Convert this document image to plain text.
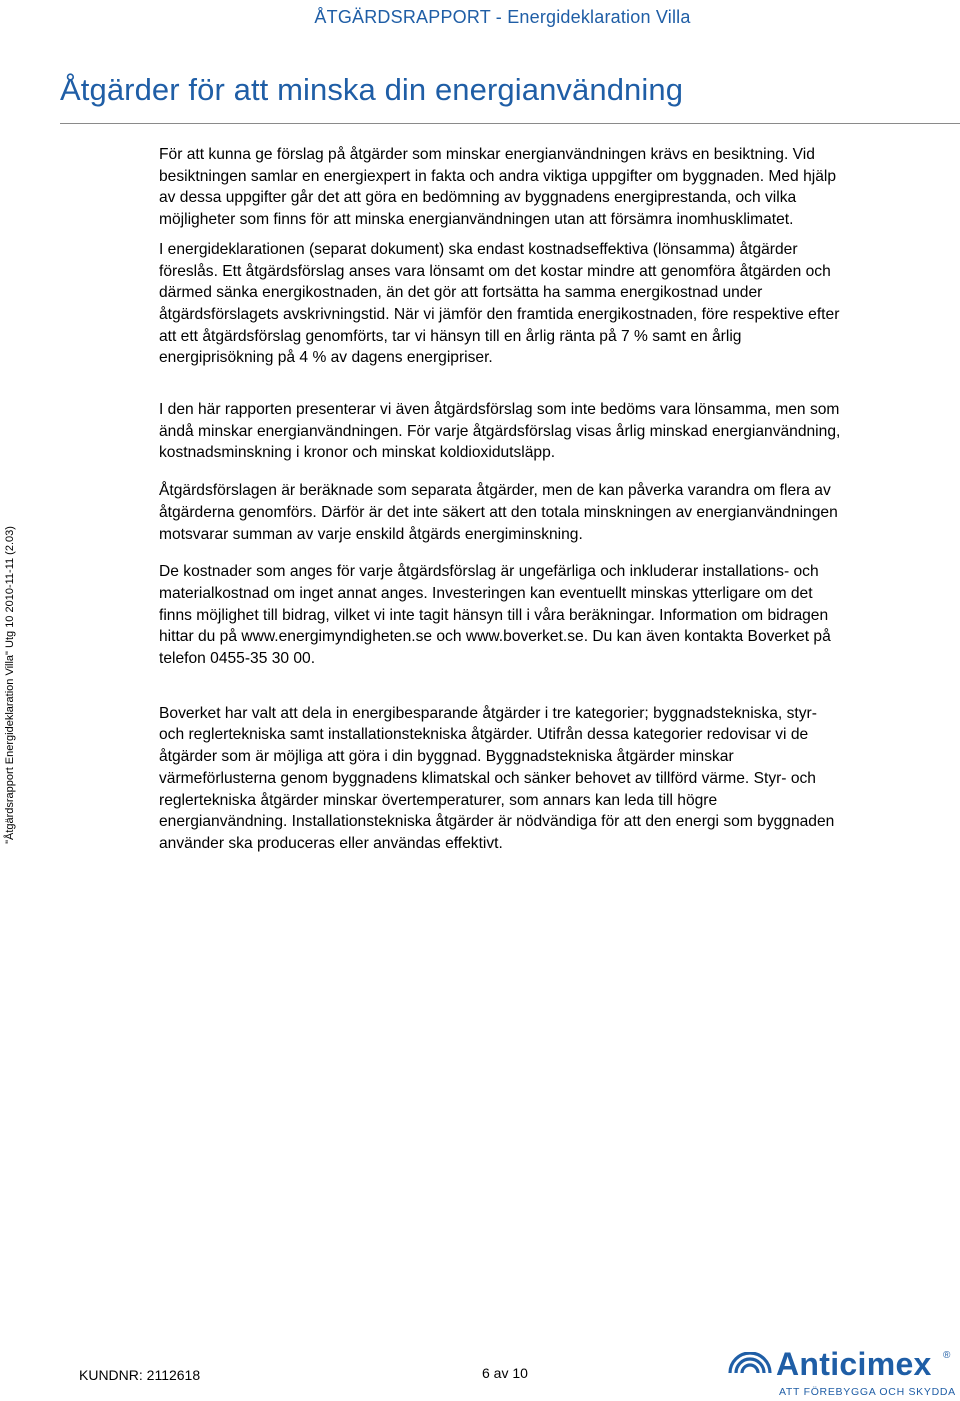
ÅTGÄRDSRAPPORT - Energideklaration Villa
Åtgärder för att minska din energianvändning
"Åtgärdsrapport Energideklaration Villa" Utg 10 2010-11-11 (2.03)

För att kunna ge förslag på åtgärder som minskar energianvändningen krävs en besiktning. Vid
besiktningen samlar en energiexpert in fakta och andra viktiga uppgifter om byggnaden. Med hjälp
av dessa uppgifter går det att göra en bedömning av byggnadens energiprestanda, och vilka
möjligheter som finns för att minska energianvändningen utan att försämra inomhusklimatet.

I energideklarationen (separat dokument) ska endast kostnadseffektiva (lönsamma) åtgärder
föreslås. Ett åtgärdsförslag anses vara lönsamt om det kostar mindre att genomföra åtgärden och
därmed sänka energikostnaden, än det gör att fortsätta ha samma energikostnad under
åtgärdsförslagets avskrivningstid. När vi jämför den framtida energikostnaden, före respektive efter
att ett åtgärdsförslag genomförts, tar vi hänsyn till en årlig ränta på 7 % samt en årlig
energiprisökning på 4 % av dagens energipriser.

I den här rapporten presenterar vi även åtgärdsförslag som inte bedöms vara lönsamma, men som
ändå minskar energianvändningen. För varje åtgärdsförslag visas årlig minskad energianvändning,
kostnadsminskning i kronor och minskat koldioxidutsläpp.

Åtgärdsförslagen är beräknade som separata åtgärder, men de kan påverka varandra om flera av
åtgärderna genomförs. Därför är det inte säkert att den totala minskningen av energianvändningen
motsvarar summan av varje enskild åtgärds energiminskning.

De kostnader som anges för varje åtgärdsförslag är ungefärliga och inkluderar installations- och
materialkostnad om inget annat anges. Investeringen kan eventuellt minskas ytterligare om det
finns möjlighet till bidrag, vilket vi inte tagit hänsyn till i våra beräkningar. Information om bidragen
hittar du på www.energimyndigheten.se och www.boverket.se. Du kan även kontakta Boverket på
telefon 0455-35 30 00.

Boverket har valt att dela in energibesparande åtgärder i tre kategorier; byggnadstekniska, styr-
och reglertekniska samt installationstekniska åtgärder. Utifrån dessa kategorier redovisar vi de
åtgärder som är möjliga att göra i din byggnad. Byggnadstekniska åtgärder minskar
värmeförlusterna genom byggnadens klimatskal och sänker behovet av tillförd värme. Styr- och
reglertekniska åtgärder minskar övertemperaturer, som annars kan leda till högre
energianvändning. Installationstekniska åtgärder är nödvändiga för att den energi som byggnaden
använder ska produceras eller användas effektivt.

KUNDNR: 2112618	6 av 10	Anticimex ®
ATT FÖREBYGGA OCH SKYDDA
